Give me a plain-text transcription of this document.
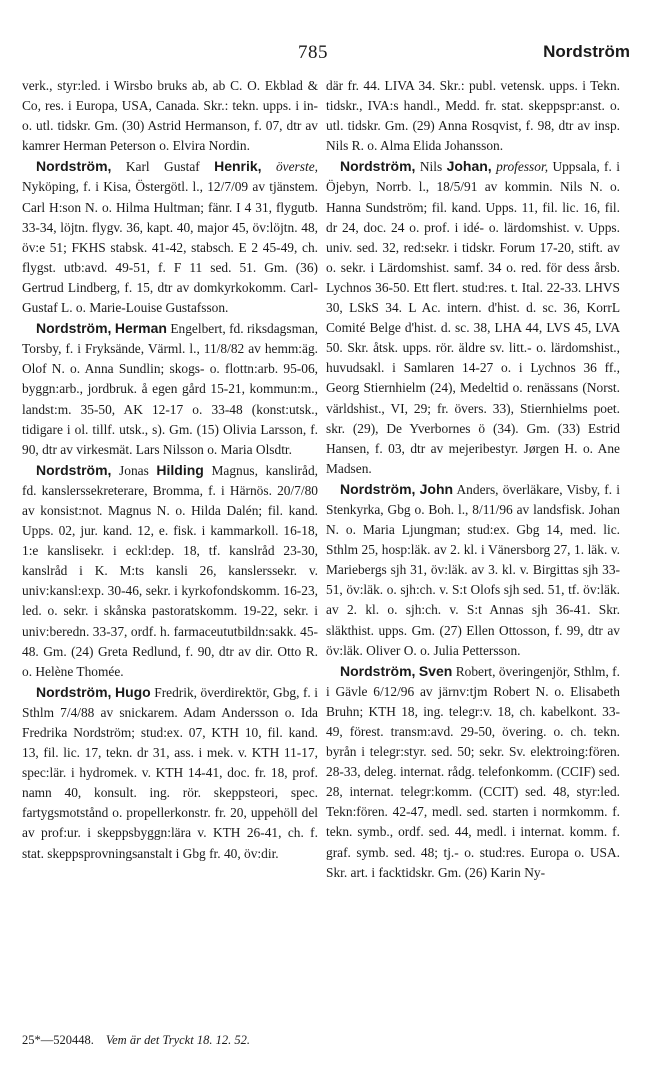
785	Nordström

verk., styr:led. i Wirsbo bruks ab, ab C. O. Ekblad & Co, res. i Europa, USA, Canada. Skr.: tekn. upps. i in- o. utl. tidskr. Gm. (30) Astrid Hermanson, f. 07, dtr av kamrer Herman Peterson o. Elvira Nordin.

Nordström, Karl Gustaf Henrik, överste, Nyköping, f. i Kisa, Östergötl. l., 12/7/09 av tjänstem. Carl H:son N. o. Hilma Hultman; fänr. I 4 31, flygutb. 33-34, löjtn. flygv. 36, kapt. 40, major 45, öv:löjtn. 48, öv:e 51; FKHS stabsk. 41-42, stabsch. E 2 45-49, ch. flygst. utb:avd. 49-51, f. F 11 sed. 51. Gm. (36) Gertrud Lindberg, f. 15, dtr av domkyrkokomm. Carl-Gustaf L. o. Marie-Louise Gustafsson.

Nordström, Herman Engelbert, fd. riksdagsman, Torsby, f. i Fryksände, Värml. l., 11/8/82 av hemm:äg. Olof N. o. Anna Sundlin; skogs- o. flottn:arb. 95-06, byggn:arb., jordbruk. å egen gård 15-21, kommun:m., landst:m. 35-50, AK 12-17 o. 33-48 (konst:utsk., tidigare i ol. tillf. utsk., s). Gm. (15) Olivia Larsson, f. 90, dtr av virkesmät. Lars Nilsson o. Maria Olsdtr.

Nordström, Jonas Hilding Magnus, kansliråd, fd. kanslerssekreterare, Bromma, f. i Härnös. 20/7/80 av konsist:not. Magnus N. o. Hilda Dalén; fil. kand. Upps. 02, jur. kand. 12, e. fisk. i kammarkoll. 16-18, 1:e kanslisekr. i eckl:dep. 18, tf. kanslråd 23-30, kanslråd i K. M:ts kansli 26, kanslerssekr. v. univ:kansl:exp. 30-46, sekr. i kyrkofondskomm. 16-23, led. o. sekr. i skånska pastoratskomm. 19-22, sekr. i univ:beredn. 33-37, ordf. h. farmaceututbildn:sakk. 45-48. Gm. (24) Greta Redlund, f. 90, dtr av dir. Otto R. o. Helène Thomée.

Nordström, Hugo Fredrik, överdirektör, Gbg, f. i Sthlm 7/4/88 av snickarem. Adam Andersson o. Ida Fredrika Nordström; stud:ex. 07, KTH 10, fil. kand. 13, fil. lic. 17, tekn. dr 31, ass. i mek. v. KTH 11-17, spec:lär. i hydromek. v. KTH 14-41, doc. fr. 18, prof. namn 40, konsult. ing. rör. skeppsteori, spec. fartygsmotstånd o. propellerkonstr. fr. 20, uppehöll del av prof:ur. i skeppsbyggn:lära v. KTH 26-41, ch. f. stat. skeppsprovningsanstalt i Gbg fr. 40, öv:dir.

där fr. 44. LIVA 34. Skr.: publ. vetensk. upps. i Tekn. tidskr., IVA:s handl., Medd. fr. stat. skeppspr:anst. o. utl. tidskr. Gm. (29) Anna Rosqvist, f. 98, dtr av insp. Nils R. o. Alma Elida Johansson.

Nordström, Nils Johan, professor, Uppsala, f. i Öjebyn, Norrb. l., 18/5/91 av kommin. Nils N. o. Hanna Sundström; fil. kand. Upps. 11, fil. lic. 16, fil. dr 24, doc. 24 o. prof. i idé- o. lärdomshist. v. Upps. univ. sed. 32, red:sekr. i tidskr. Forum 17-20, stift. av o. sekr. i Lärdomshist. samf. 34 o. red. för dess årsb. Lychnos 36-50. Ett flert. stud:res. t. Ital. 22-33. LHVS 30, LSkS 34. L Ac. intern. d'hist. d. sc. 36, KorrL Comité Belge d'hist. d. sc. 38, LHA 44, LVS 45, LVA 50. Skr. åtsk. upps. rör. äldre sv. litt.- o. lärdomshist., huvudsakl. i Samlaren 14-27 o. i Lychnos 36 ff., Georg Stiernhielm (24), Medeltid o. renässans (Norst. världshist., VI, 29; fr. övers. 33), Stiernhielms poet. skr. (29), De Yverbornes ö (34). Gm. (33) Estrid Hansen, f. 03, dtr av mejeribestyr. Jørgen H. o. Ane Madsen.

Nordström, John Anders, överläkare, Visby, f. i Stenkyrka, Gbg o. Boh. l., 8/11/96 av landsfisk. Johan N. o. Maria Ljungman; stud:ex. Gbg 14, med. lic. Sthlm 25, hosp:läk. av 2. kl. i Vänersborg 27, 1. läk. v. Mariebergs sjh 31, öv:läk. av 3. kl. v. Birgittas sjh 33-51, öv:läk. o. sjh:ch. v. S:t Olofs sjh sed. 51, tf. öv:läk. av 2. kl. o. sjh:ch. v. S:t Annas sjh 36-41. Skr. släkthist. upps. Gm. (27) Ellen Ottosson, f. 99, dtr av öv:läk. Oliver O. o. Julia Pettersson.

Nordström, Sven Robert, överingenjör, Sthlm, f. i Gävle 6/12/96 av järnv:tjm Robert N. o. Elisabeth Bruhn; KTH 18, ing. telegr:v. 18, ch. kabelkont. 33-49, förest. transm:avd. 29-50, övering. o. ch. tekn. byrån i telegr:styr. sed. 50; sekr. Sv. elektroing:fören. 28-33, deleg. internat. rådg. telefonkomm. (CCIF) sed. 28, internat. telegr:komm. (CCIT) sed. 48, styr:led. Tekn:fören. 42-47, medl. sed. starten i normkomm. f. tekn. symb., ordf. sed. 44, medl. i internat. komm. f. graf. symb. sed. 48; tj.- o. stud:res. Europa o. USA. Skr. art. i facktidskr. Gm. (26) Karin Ny-

25*—520448. Vem är det Tryckt 18. 12. 52.
